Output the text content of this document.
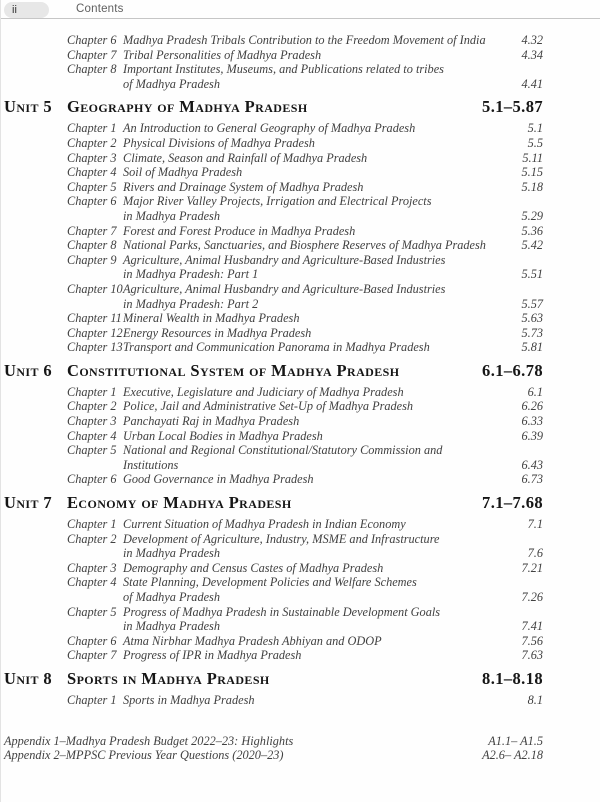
ii	Contents
Chapter 6 Madhya Pradesh Tribals Contribution to the Freedom Movement of India	4.32
Chapter 7 Tribal Personalities of Madhya Pradesh	4.34
Chapter 8 Important Institutes, Museums, and Publications related to tribes
of Madhya Pradesh	4.41
Unit 5 Geography of Madhya Pradesh	5.1–5.87
Chapter 1 An Introduction to General Geography of Madhya Pradesh	5.1
Chapter 2 Physical Divisions of Madhya Pradesh	5.5
Chapter 3 Climate, Season and Rainfall of Madhya Pradesh	5.11
Chapter 4 Soil of Madhya Pradesh	5.15
Chapter 5 Rivers and Drainage System of Madhya Pradesh	5.18
Chapter 6 Major River Valley Projects, Irrigation and Electrical Projects
in Madhya Pradesh	5.29
Chapter 7 Forest and Forest Produce in Madhya Pradesh	5.36
Chapter 8 National Parks, Sanctuaries, and Biosphere Reserves of Madhya Pradesh	5.42
Chapter 9 Agriculture, Animal Husbandry and Agriculture-Based Industries
in Madhya Pradesh: Part 1	5.51
Chapter 10 Agriculture, Animal Husbandry and Agriculture-Based Industries
in Madhya Pradesh: Part 2	5.57
Chapter 11 Mineral Wealth in Madhya Pradesh	5.63
Chapter 12 Energy Resources in Madhya Pradesh	5.73
Chapter 13 Transport and Communication Panorama in Madhya Pradesh	5.81
Unit 6 Constitutional System of Madhya Pradesh	6.1–6.78
Chapter 1 Executive, Legislature and Judiciary of Madhya Pradesh	6.1
Chapter 2 Police, Jail and Administrative Set-Up of Madhya Pradesh	6.26
Chapter 3 Panchayati Raj in Madhya Pradesh	6.33
Chapter 4 Urban Local Bodies in Madhya Pradesh	6.39
Chapter 5 National and Regional Constitutional/Statutory Commission and Institutions	6.43
Chapter 6 Good Governance in Madhya Pradesh	6.73
Unit 7 Economy of Madhya Pradesh	7.1–7.68
Chapter 1 Current Situation of Madhya Pradesh in Indian Economy	7.1
Chapter 2 Development of Agriculture, Industry, MSME and Infrastructure
in Madhya Pradesh	7.6
Chapter 3 Demography and Census Castes of Madhya Pradesh	7.21
Chapter 4 State Planning, Development Policies and Welfare Schemes
of Madhya Pradesh	7.26
Chapter 5 Progress of Madhya Pradesh in Sustainable Development Goals
in Madhya Pradesh	7.41
Chapter 6 Atma Nirbhar Madhya Pradesh Abhiyan and ODOP	7.56
Chapter 7 Progress of IPR in Madhya Pradesh	7.63
Unit 8 Sports in Madhya Pradesh	8.1–8.18
Chapter 1 Sports in Madhya Pradesh	8.1
Appendix 1–Madhya Pradesh Budget 2022–23: Highlights	A1.1– A1.5
Appendix 2–MPPSC Previous Year Questions (2020–23)	A2.6– A2.18
